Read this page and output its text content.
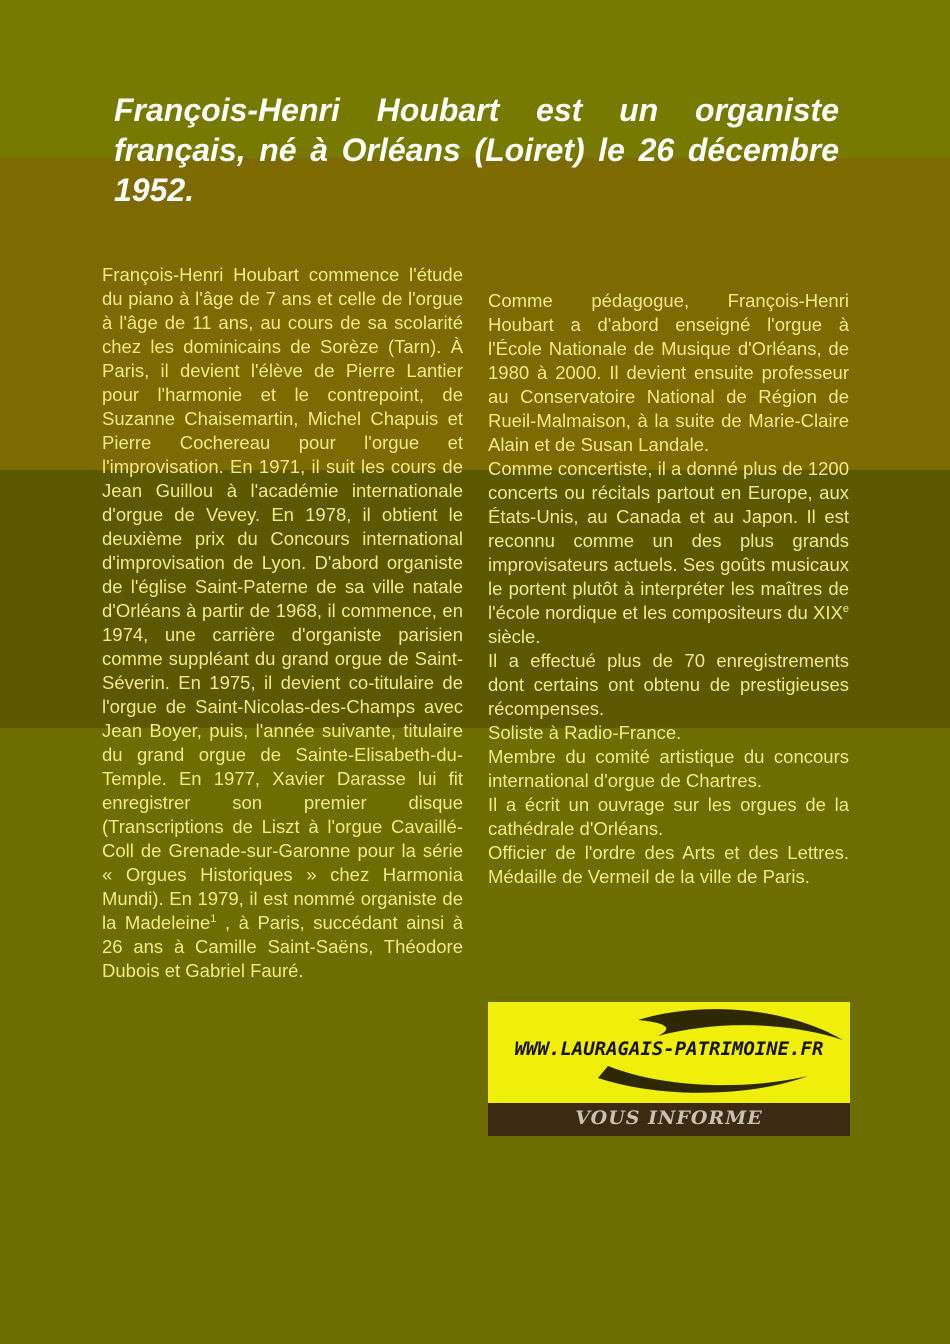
François-Henri Houbart est un organiste français, né à Orléans (Loiret) le 26 décembre 1952.

François-Henri Houbart commence l'étude du piano à l'âge de 7 ans et celle de l'orgue à l'âge de 11 ans, au cours de sa scolarité chez les dominicains de Sorèze (Tarn). À Paris, il devient l'élève de Pierre Lantier pour l'harmonie et le contrepoint, de Suzanne Chaisemartin, Michel Chapuis et Pierre Cochereau pour l'orgue et l'improvisation. En 1971, il suit les cours de Jean Guillou à l'académie internationale d'orgue de Vevey. En 1978, il obtient le deuxième prix du Concours international d'improvisation de Lyon. D'abord organiste de l'église Saint-Paterne de sa ville natale d'Orléans à partir de 1968, il commence, en 1974, une carrière d'organiste parisien comme suppléant du grand orgue de Saint-Séverin. En 1975, il devient co-titulaire de l'orgue de Saint-Nicolas-des-Champs avec Jean Boyer, puis, l'année suivante, titulaire du grand orgue de Sainte-Elisabeth-du-Temple. En 1977, Xavier Darasse lui fit enregistrer son premier disque (Transcriptions de Liszt à l'orgue Cavaillé-Coll de Grenade-sur-Garonne pour la série « Orgues Historiques » chez Harmonia Mundi). En 1979, il est nommé organiste de la Madeleine$^1$ , à Paris, succédant ainsi à 26 ans à Camille Saint-Saëns, Théodore Dubois et Gabriel Fauré.

Comme pédagogue, François-Henri Houbart a d'abord enseigné l'orgue à l'École Nationale de Musique d'Orléans, de 1980 à 2000. Il devient ensuite professeur au Conservatoire National de Région de Rueil-Malmaison, à la suite de Marie-Claire Alain et de Susan Landale.

Comme concertiste, il a donné plus de 1200 concerts ou récitals partout en Europe, aux États-Unis, au Canada et au Japon. Il est reconnu comme un des plus grands improvisateurs actuels. Ses goûts musicaux le portent plutôt à interpréter les maîtres de l'école nordique et les compositeurs du XIXe siècle.

Il a effectué plus de 70 enregistrements dont certains ont obtenu de prestigieuses récompenses.

Soliste à Radio-France.

Membre du comité artistique du concours international d'orgue de Chartres.

Il a écrit un ouvrage sur les orgues de la cathédrale d'Orléans.

Officier de l'ordre des Arts et des Lettres. Médaille de Vermeil de la ville de Paris.

WWW.LAURAGAIS-PATRIMOINE.FR
VOUS INFORME
